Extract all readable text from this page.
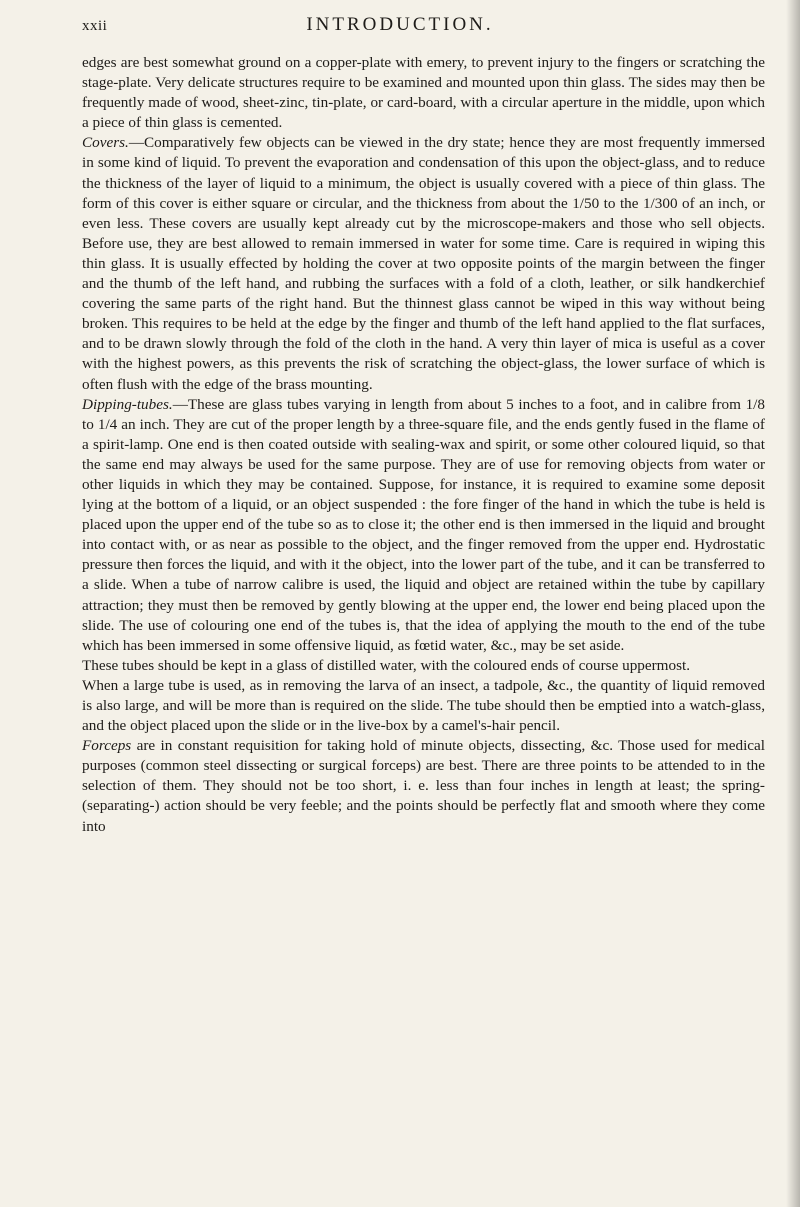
xxii	INTRODUCTION.

edges are best somewhat ground on a copper-plate with emery, to prevent injury to the fingers or scratching the stage-plate. Very delicate structures require to be examined and mounted upon thin glass. The sides may then be frequently made of wood, sheet-zinc, tin-plate, or card-board, with a circular aperture in the middle, upon which a piece of thin glass is cemented.

Covers.—Comparatively few objects can be viewed in the dry state; hence they are most frequently immersed in some kind of liquid. To prevent the evaporation and condensation of this upon the object-glass, and to reduce the thickness of the layer of liquid to a minimum, the object is usually covered with a piece of thin glass. The form of this cover is either square or circular, and the thickness from about the 1/50 to the 1/300 of an inch, or even less. These covers are usually kept already cut by the microscope-makers and those who sell objects. Before use, they are best allowed to remain immersed in water for some time. Care is required in wiping this thin glass. It is usually effected by holding the cover at two opposite points of the margin between the finger and the thumb of the left hand, and rubbing the surfaces with a fold of a cloth, leather, or silk handkerchief covering the same parts of the right hand. But the thinnest glass cannot be wiped in this way without being broken. This requires to be held at the edge by the finger and thumb of the left hand applied to the flat surfaces, and to be drawn slowly through the fold of the cloth in the hand. A very thin layer of mica is useful as a cover with the highest powers, as this prevents the risk of scratching the object-glass, the lower surface of which is often flush with the edge of the brass mounting.

Dipping-tubes.—These are glass tubes varying in length from about 5 inches to a foot, and in calibre from 1/8 to 1/4 an inch. They are cut of the proper length by a three-square file, and the ends gently fused in the flame of a spirit-lamp. One end is then coated outside with sealing-wax and spirit, or some other coloured liquid, so that the same end may always be used for the same purpose. They are of use for removing objects from water or other liquids in which they may be contained. Suppose, for instance, it is required to examine some deposit lying at the bottom of a liquid, or an object suspended : the fore finger of the hand in which the tube is held is placed upon the upper end of the tube so as to close it; the other end is then immersed in the liquid and brought into contact with, or as near as possible to the object, and the finger removed from the upper end. Hydrostatic pressure then forces the liquid, and with it the object, into the lower part of the tube, and it can be transferred to a slide. When a tube of narrow calibre is used, the liquid and object are retained within the tube by capillary attraction; they must then be removed by gently blowing at the upper end, the lower end being placed upon the slide. The use of colouring one end of the tubes is, that the idea of applying the mouth to the end of the tube which has been immersed in some offensive liquid, as fœtid water, &c., may be set aside.

These tubes should be kept in a glass of distilled water, with the coloured ends of course uppermost.

When a large tube is used, as in removing the larva of an insect, a tadpole, &c., the quantity of liquid removed is also large, and will be more than is required on the slide. The tube should then be emptied into a watch-glass, and the object placed upon the slide or in the live-box by a camel's-hair pencil.

Forceps are in constant requisition for taking hold of minute objects, dissecting, &c. Those used for medical purposes (common steel dissecting or surgical forceps) are best. There are three points to be attended to in the selection of them. They should not be too short, i. e. less than four inches in length at least; the spring- (separating-) action should be very feeble; and the points should be perfectly flat and smooth where they come into
